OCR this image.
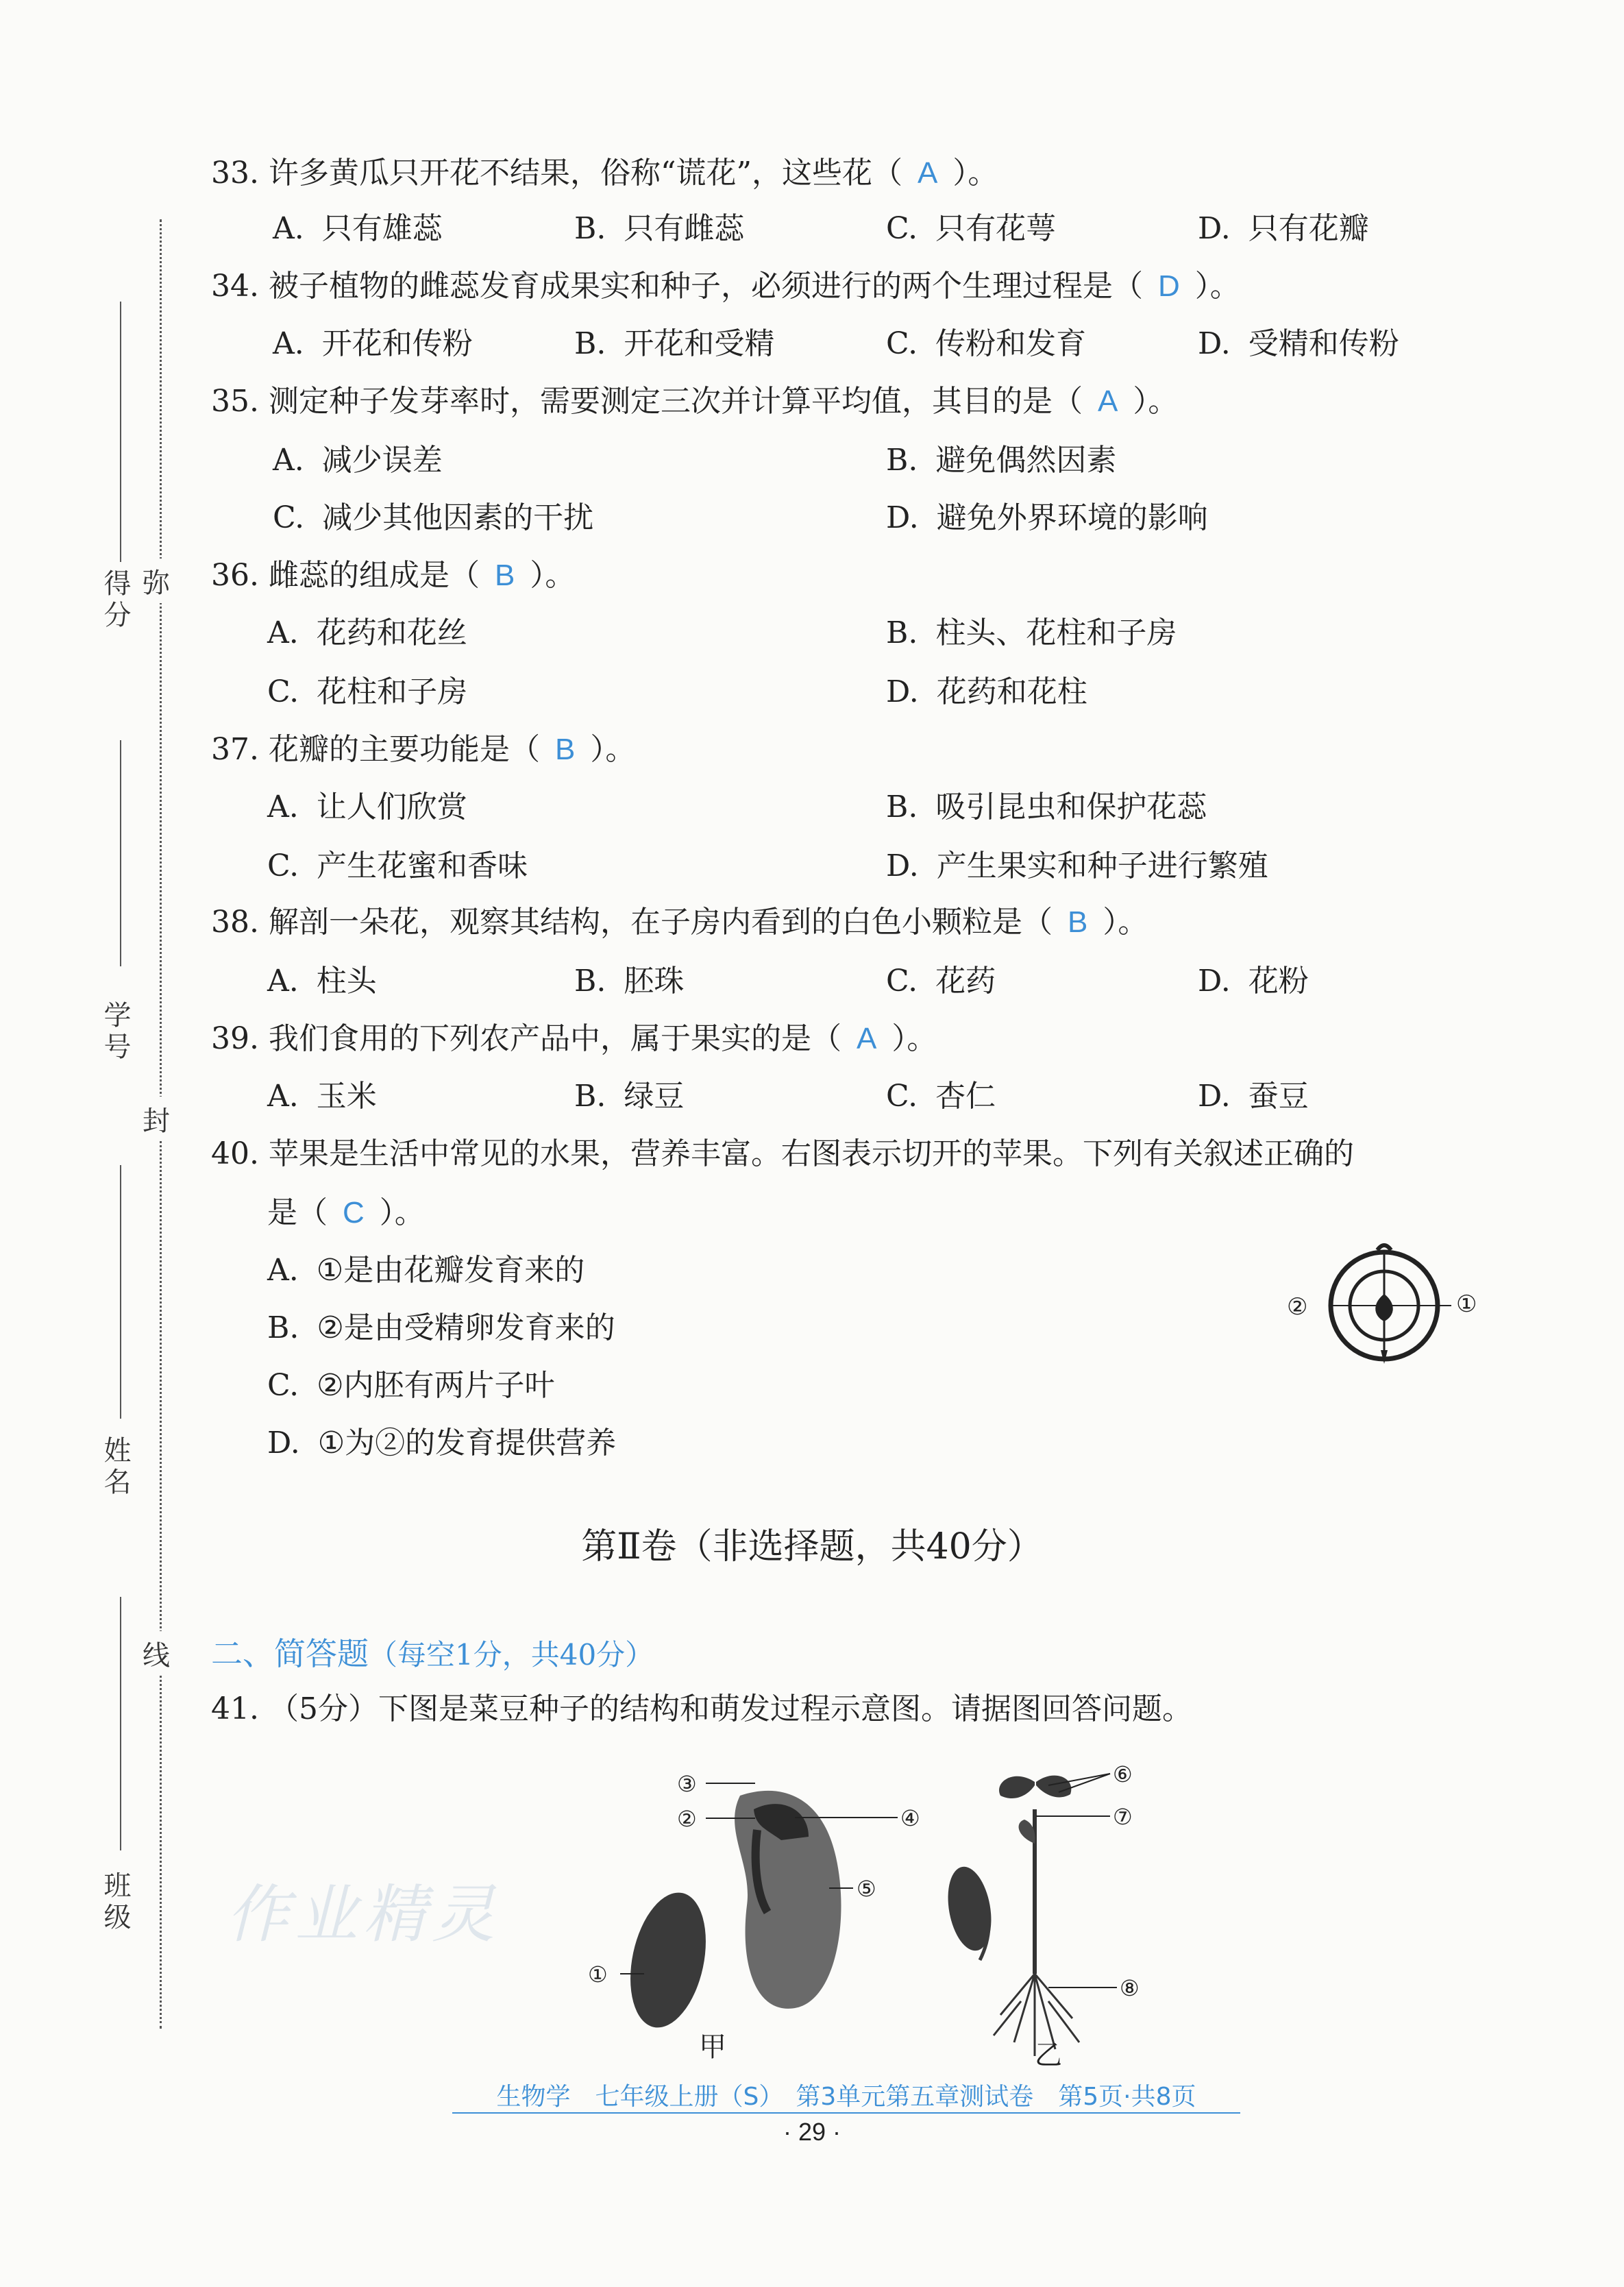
得分
学号
姓名
班级
弥
封
线
33. 许多黄瓜只开花不结果，俗称“谎花”，这些花（ A ）。
A. 只有雄蕊	B. 只有雌蕊	C. 只有花萼	D. 只有花瓣
34. 被子植物的雌蕊发育成果实和种子，必须进行的两个生理过程是（ D ）。
A. 开花和传粉	B. 开花和受精	C. 传粉和发育	D. 受精和传粉
35. 测定种子发芽率时，需要测定三次并计算平均值，其目的是（ A ）。
A. 减少误差	B. 避免偶然因素
C. 减少其他因素的干扰	D. 避免外界环境的影响
36. 雌蕊的组成是（ B ）。
A. 花药和花丝	B. 柱头、花柱和子房
C. 花柱和子房	D. 花药和花柱
37. 花瓣的主要功能是（ B ）。
A. 让人们欣赏	B. 吸引昆虫和保护花蕊
C. 产生花蜜和香味	D. 产生果实和种子进行繁殖
38. 解剖一朵花，观察其结构，在子房内看到的白色小颗粒是（ B ）。
A. 柱头	B. 胚珠	C. 花药	D. 花粉
39. 我们食用的下列农产品中，属于果实的是（ A ）。
A. 玉米	B. 绿豆	C. 杏仁	D. 蚕豆
40. 苹果是生活中常见的水果，营养丰富。右图表示切开的苹果。下列有关叙述正确的
是（ C ）。
A. ①是由花瓣发育来的
B. ②是由受精卵发育来的
C. ②内胚有两片子叶
D. ①为②的发育提供营养
②	①
第Ⅱ卷（非选择题，共40分）
二、简答题（每空1分，共40分）
41. （5分）下图是菜豆种子的结构和萌发过程示意图。请据图回答问题。
作业精灵
①
③
②	④
⑤
甲
⑥
⑦
⑧
乙
生物学　七年级上册（S）　第3单元第五章测试卷　第5页·共8页
· 29 ·
